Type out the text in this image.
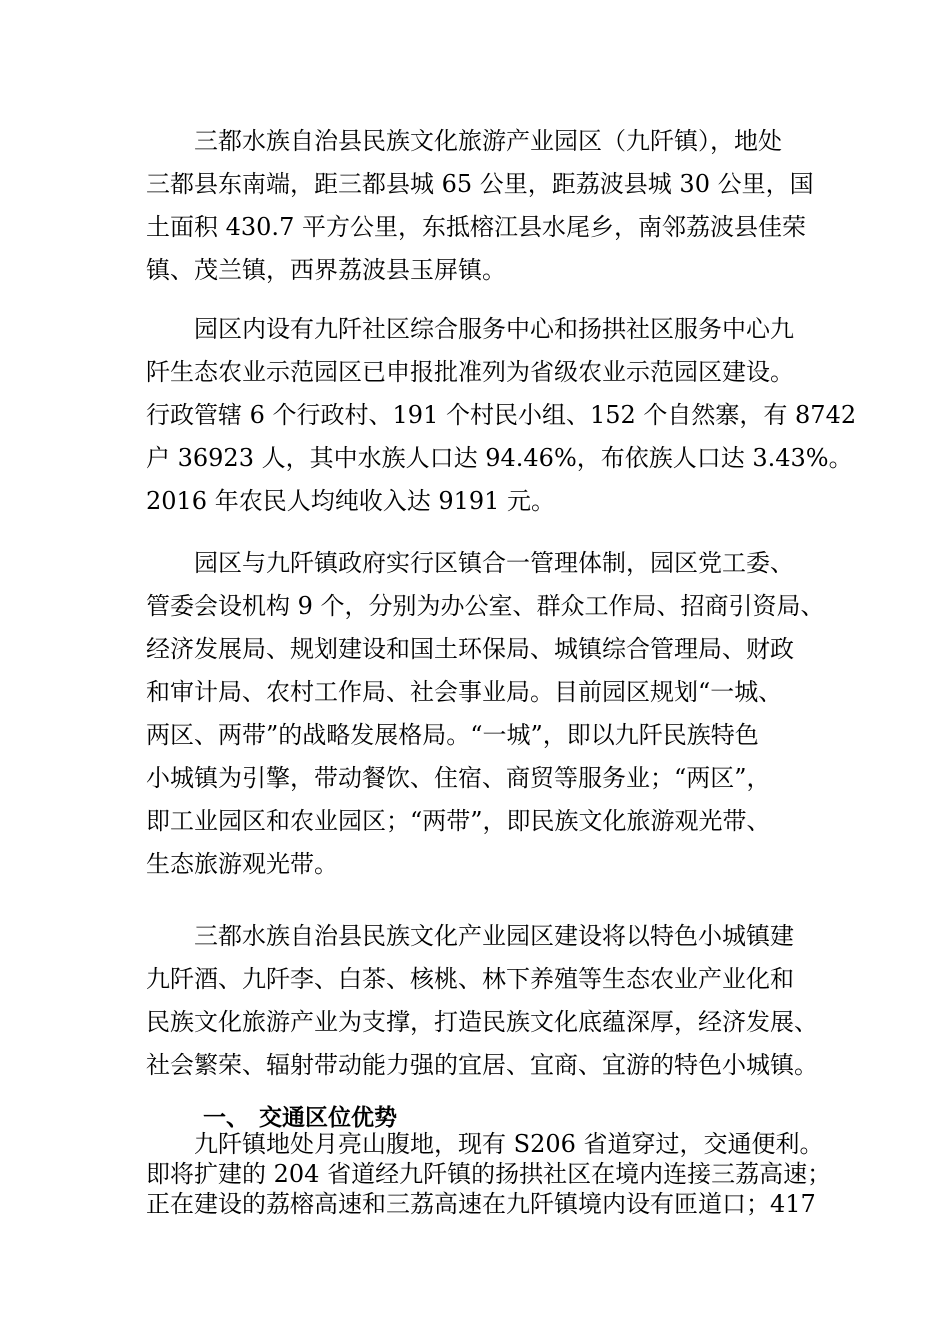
三都水族自治县民族文化旅游产业园区（九阡镇），地处
三都县东南端，距三都县城 65 公里，距荔波县城 30 公里，国
土面积 430.7 平方公里，东抵榕江县水尾乡，南邻荔波县佳荣
镇、茂兰镇，西界荔波县玉屏镇。

园区内设有九阡社区综合服务中心和扬拱社区服务中心九
阡生态农业示范园区已申报批准列为省级农业示范园区建设。
行政管辖 6 个行政村、191 个村民小组、152 个自然寨，有 8742
户 36923 人，其中水族人口达 94.46%，布依族人口达 3.43%。
2016 年农民人均纯收入达 9191 元。

园区与九阡镇政府实行区镇合一管理体制，园区党工委、
管委会设机构 9 个，分别为办公室、群众工作局、招商引资局、
经济发展局、规划建设和国土环保局、城镇综合管理局、财政
和审计局、农村工作局、社会事业局。目前园区规划“一城、
两区、两带”的战略发展格局。“一城”，即以九阡民族特色
小城镇为引擎，带动餐饮、住宿、商贸等服务业；“两区”，
即工业园区和农业园区；“两带”，即民族文化旅游观光带、
生态旅游观光带。

三都水族自治县民族文化产业园区建设将以特色小城镇建
九阡酒、九阡李、白茶、核桃、林下养殖等生态农业产业化和
民族文化旅游产业为支撑，打造民族文化底蕴深厚，经济发展、
社会繁荣、辐射带动能力强的宜居、宜商、宜游的特色小城镇。

一、 交通区位优势

九阡镇地处月亮山腹地，现有 S206 省道穿过，交通便利。
即将扩建的 204 省道经九阡镇的扬拱社区在境内连接三荔高速；
正在建设的荔榕高速和三荔高速在九阡镇境内设有匝道口；417
